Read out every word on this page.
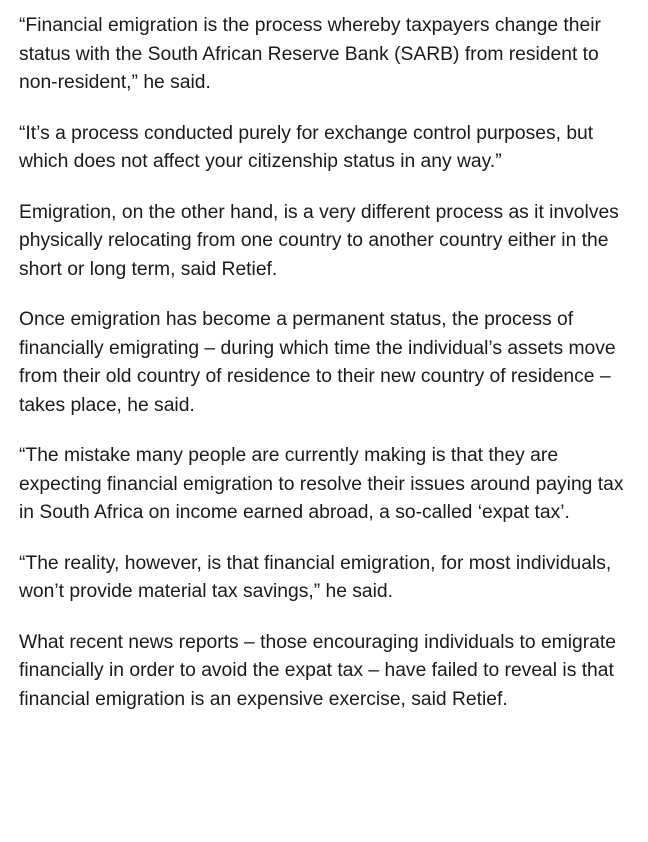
“Financial emigration is the process whereby taxpayers change their status with the South African Reserve Bank (SARB) from resident to non-resident,” he said.

“It’s a process conducted purely for exchange control purposes, but which does not affect your citizenship status in any way.”

Emigration, on the other hand, is a very different process as it involves physically relocating from one country to another country either in the short or long term, said Retief.

Once emigration has become a permanent status, the process of financially emigrating – during which time the individual’s assets move from their old country of residence to their new country of residence – takes place, he said.

“The mistake many people are currently making is that they are expecting financial emigration to resolve their issues around paying tax in South Africa on income earned abroad, a so-called ‘expat tax’.

“The reality, however, is that financial emigration, for most individuals, won’t provide material tax savings,” he said.

What recent news reports – those encouraging individuals to emigrate financially in order to avoid the expat tax – have failed to reveal is that financial emigration is an expensive exercise, said Retief.
